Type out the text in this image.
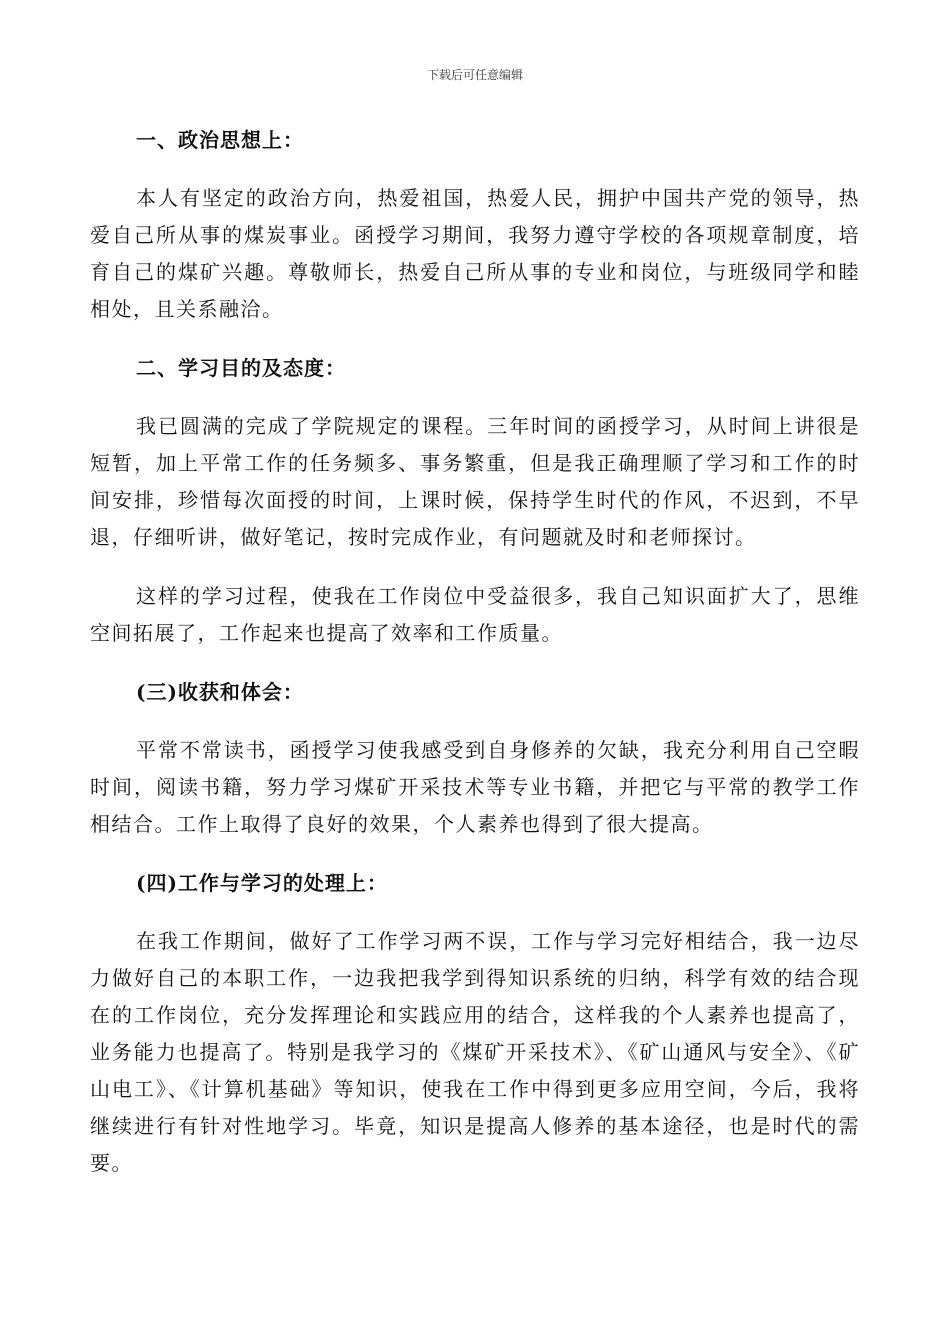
下载后可任意编辑
一、政治思想上：

本人有坚定的政治方向，热爱祖国，热爱人民，拥护中国共产党的领导，热爱自己所从事的煤炭事业。函授学习期间，我努力遵守学校的各项规章制度，培育自己的煤矿兴趣。尊敬师长，热爱自己所从事的专业和岗位，与班级同学和睦相处，且关系融洽。

二、学习目的及态度：

我已圆满的完成了学院规定的课程。三年时间的函授学习，从时间上讲很是短暂，加上平常工作的任务频多、事务繁重，但是我正确理顺了学习和工作的时间安排，珍惜每次面授的时间，上课时候，保持学生时代的作风，不迟到，不早退，仔细听讲，做好笔记，按时完成作业，有问题就及时和老师探讨。

这样的学习过程，使我在工作岗位中受益很多，我自己知识面扩大了，思维空间拓展了，工作起来也提高了效率和工作质量。

(三)收获和体会：

平常不常读书，函授学习使我感受到自身修养的欠缺，我充分利用自己空暇时间，阅读书籍，努力学习煤矿开采技术等专业书籍，并把它与平常的教学工作相结合。工作上取得了良好的效果，个人素养也得到了很大提高。

(四)工作与学习的处理上：

在我工作期间，做好了工作学习两不误，工作与学习完好相结合，我一边尽力做好自己的本职工作，一边我把我学到得知识系统的归纳，科学有效的结合现在的工作岗位，充分发挥理论和实践应用的结合，这样我的个人素养也提高了，业务能力也提高了。特别是我学习的《煤矿开采技术》、《矿山通风与安全》、《矿山电工》、《计算机基础》等知识，使我在工作中得到更多应用空间，今后，我将继续进行有针对性地学习。毕竟，知识是提高人修养的基本途径，也是时代的需要。
